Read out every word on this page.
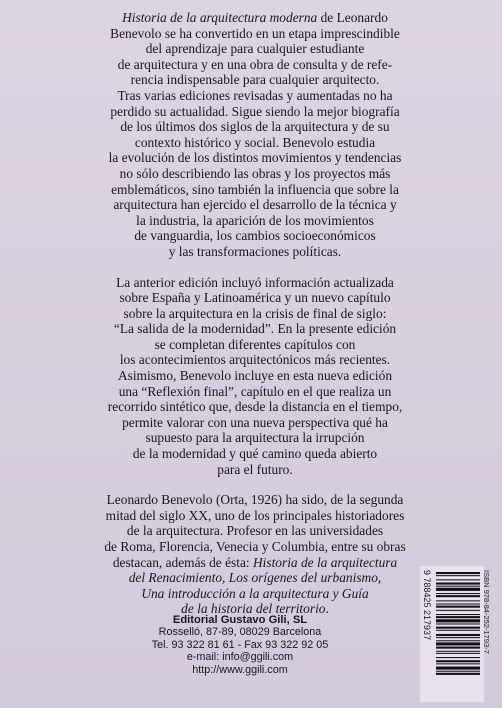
Historia de la arquitectura moderna de Leonardo
Benevolo se ha convertido en un etapa imprescindible
del aprendizaje para cualquier estudiante
de arquitectura y en una obra de consulta y de refe-
rencia indispensable para cualquier arquitecto.
Tras varias ediciones revisadas y aumentadas no ha
perdido su actualidad. Sigue siendo la mejor biografía
de los últimos dos siglos de la arquitectura y de su
contexto histórico y social. Benevolo estudia
la evolución de los distintos movimientos y tendencias
no sólo describiendo las obras y los proyectos más
emblemáticos, sino también la influencia que sobre la
arquitectura han ejercido el desarrollo de la técnica y
la industria, la aparición de los movimientos
de vanguardia, los cambios socioeconómicos
y las transformaciones políticas.
La anterior edición incluyó información actualizada
sobre España y Latinoamérica y un nuevo capítulo
sobre la arquitectura en la crisis de final de siglo:
“La salida de la modernidad”. En la presente edición
se completan diferentes capítulos con
los acontecimientos arquitectónicos más recientes.
Asimismo, Benevolo incluye en esta nueva edición
una “Reflexión final”, capítulo en el que realiza un
recorrido sintético que, desde la distancia en el tiempo,
permite valorar con una nueva perspectiva qué ha
supuesto para la arquitectura la irrupción
de la modernidad y qué camino queda abierto
para el futuro.
Leonardo Benevolo (Orta, 1926) ha sido, de la segunda
mitad del siglo XX, uno de los principales historiadores
de la arquitectura. Profesor en las universidades
de Roma, Florencia, Venecia y Columbia, entre su obras
destacan, además de ésta: Historia de la arquitectura
del Renacimiento, Los orígenes del urbanismo,
Una introducción a la arquitectura y Guía
de la historia del territorio.
Editorial Gustavo Gili, SL
Rosselló, 87-89, 08029 Barcelona
Tel. 93 322 81 61 - Fax 93 322 92 05
e-mail: info@ggili.com
http://www.ggili.com
9 788425 217937	ISBN 978-84-252-1793-7
